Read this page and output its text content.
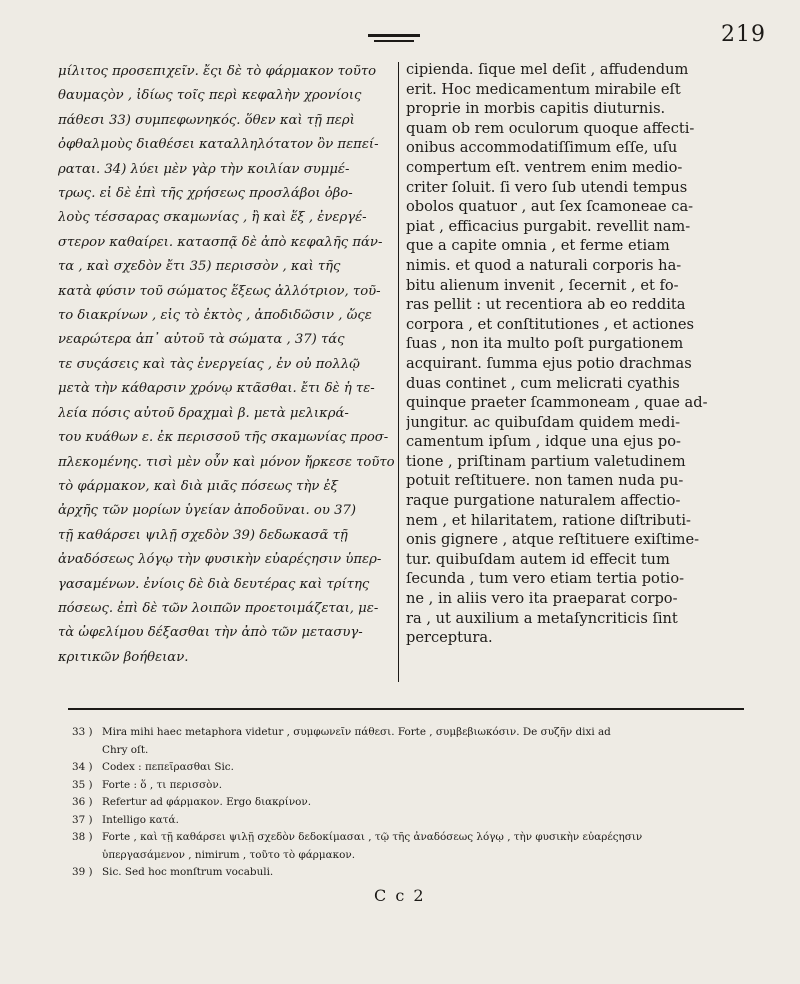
219
μίλιτος προσεπιχεῖν. ἔςι δὲ τὸ φάρμακον τοῦτο
θαυμαςὸν , ἰδίως τοῖς περὶ κεφαλὴν χρονίοις
πάθεσι 33) συμπεφωνηκός. ὅθεν καὶ τῇ περὶ
ὀφθαλμοὺς διαθέσει καταλληλότατον ὂν πεπεί-
ραται. 34) λύει μὲν γὰρ τὴν κοιλίαν συμμέ-
τρως. εἰ δὲ ἐπὶ τῆς χρήσεως προσλάβοι ὀβο-
λοὺς τέσσαρας σκαμωνίας , ἢ καὶ ἕξ , ἐνεργέ-
στερον καθαίρει. κατασπᾷ δὲ ἀπὸ κεφαλῆς πάν-
τα , καὶ σχεδὸν ἔτι 35) περισσὸν , καὶ τῆς
κατὰ φύσιν τοῦ σώματος ἕξεως ἀλλότριον, τοῦ-
το διακρίνων , εἰς τὸ ἐκτὸς , ἀποδιδῶσιν , ὥςε
νεαρώτερα ἀπ᾽ αὐτοῦ τὰ σώματα , 37) τάς
τε συςάσεις καὶ τὰς ἐνεργείας , ἐν οὐ πολλῷ
μετὰ τὴν κάθαρσιν χρόνῳ κτᾶσθαι. ἔτι δὲ ἡ τε-
λεία πόσις αὐτοῦ δραχμαὶ β. μετὰ μελικρά-
του κυάθων ε. ἐκ περισσοῦ τῆς σκαμωνίας προσ-
πλεκομένης. τισὶ μὲν οὖν καὶ μόνον ἤρκεσε τοῦτο
τὸ φάρμακον, καὶ διὰ μιᾶς πόσεως τὴν ἐξ
ἀρχῆς τῶν μορίων ὑγείαν ἀποδοῦναι. ου 37)
τῇ καθάρσει ψιλῇ σχεδὸν 39) δεδωκασᾶ τῇ
ἀναδόσεως λόγῳ τὴν φυσικὴν εὐαρέςησιν ὑπερ-
γασαμένων. ἐνίοις δὲ διὰ δευτέρας καὶ τρίτης
πόσεως. ἐπὶ δὲ τῶν λοιπῶν προετοιμάζεται, με-
τὰ ὠφελίμου δέξασθαι τὴν ἀπὸ τῶν μετασυγ-
κριτικῶν βοήθειαν.
cipienda. ſique mel deſit , affudendum
erit. Hoc medicamentum mirabile eſt
proprie in morbis capitis diuturnis.
quam ob rem oculorum quoque affecti-
onibus accommodatiſſimum eſſe, uſu
compertum eſt. ventrem enim medio-
criter ſoluit. ſi vero ſub utendi tempus
obolos quatuor , aut ſex ſcamoneae ca-
piat , efficacius purgabit. revellit nam-
que a capite omnia , et ferme etiam
nimis. et quod a naturali corporis ha-
bitu alienum invenit , ſecernit , et fo-
ras pellit : ut recentiora ab eo reddita
corpora , et conſtitutiones , et actiones
ſuas , non ita multo poſt purgationem
acquirant. ſumma ejus potio drachmas
duas continet , cum melicrati cyathis
quinque praeter ſcammoneam , quae ad-
jungitur. ac quibuſdam quidem medi-
camentum ipſum , idque una ejus po-
tione , priſtinam partium valetudinem
potuit reſtituere. non tamen nuda pu-
raque purgatione naturalem affectio-
nem , et hilaritatem, ratione diſtributi-
onis gignere , atque reſtituere exiſtime-
tur. quibuſdam autem id effecit tum
ſecunda , tum vero etiam tertia potio-
ne , in aliis vero ita praeparat corpo-
ra , ut auxilium a metaſyncriticis ſint
perceptura.
33 ) Mira mihi haec metaphora videtur , συμφωνεῖν πάθεσι. Forte , συμβεβιωκόσιν. De συζῆν dixi ad
Chry oſt.
34 ) Codex : πεπεῖρασθαι Sic.
35 ) Forte : ὅ , τι περισσὸν.
36 ) Refertur ad φάρμακον. Ergo διακρίνον.
37 ) Intelligo κατά.
38 ) Forte , καὶ τῇ καθάρσει ψιλῇ σχεδὸν δεδοκίμασαι , τῷ τῆς ἀναδόσεως λόγῳ , τὴν φυσικὴν εὐαρέςησιν
ὑπεργασάμενον , nimirum , τοῦτο τὸ φάρμακον.
39 ) Sic. Sed hoc monſtrum vocabuli.
C c 2
